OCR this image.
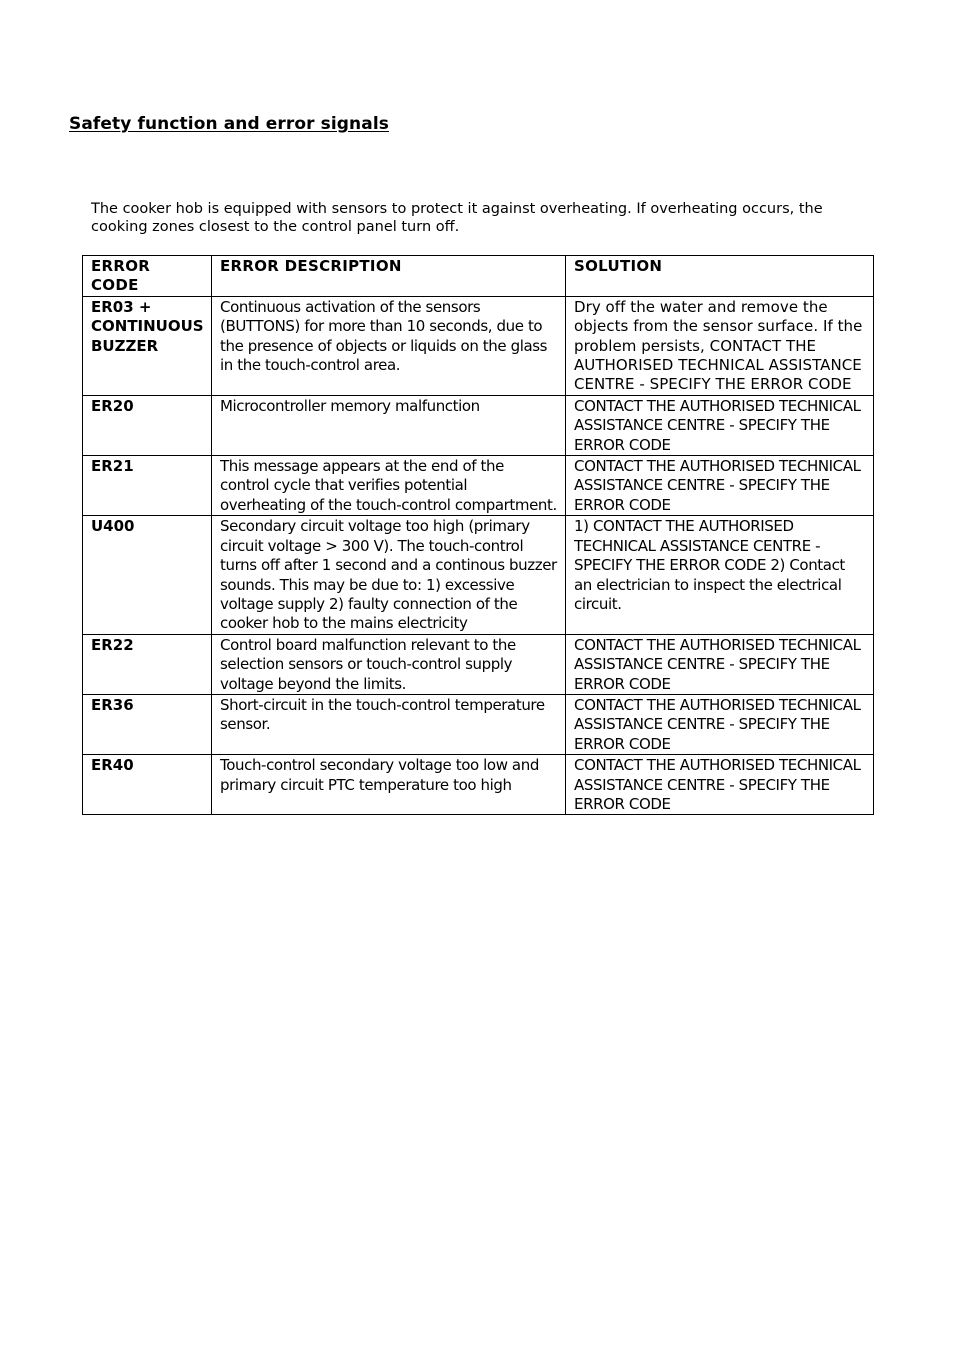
Safety function and error signals

The cooker hob is equipped with sensors to protect it against overheating. If overheating occurs, the cooking zones closest to the control panel turn off.

ERROR CODE	ERROR DESCRIPTION	SOLUTION
ER03 + CONTINUOUS BUZZER	Continuous activation of the sensors (BUTTONS) for more than 10 seconds, due to the presence of objects or liquids on the glass in the touch-control area.	Dry off the water and remove the objects from the sensor surface. If the problem persists, CONTACT THE AUTHORISED TECHNICAL ASSISTANCE CENTRE - SPECIFY THE ERROR CODE
ER20	Microcontroller memory malfunction	CONTACT THE AUTHORISED TECHNICAL ASSISTANCE CENTRE - SPECIFY THE ERROR CODE
ER21	This message appears at the end of the control cycle that verifies potential overheating of the touch-control compartment.	CONTACT THE AUTHORISED TECHNICAL ASSISTANCE CENTRE - SPECIFY THE ERROR CODE
U400	Secondary circuit voltage too high (primary circuit voltage > 300 V). The touch-control turns off after 1 second and a continous buzzer sounds. This may be due to: 1) excessive voltage supply 2) faulty connection of the cooker hob to the mains electricity	1) CONTACT THE AUTHORISED TECHNICAL ASSISTANCE CENTRE - SPECIFY THE ERROR CODE 2) Contact an electrician to inspect the electrical circuit.
ER22	Control board malfunction relevant to the selection sensors or touch-control supply voltage beyond the limits.	CONTACT THE AUTHORISED TECHNICAL ASSISTANCE CENTRE - SPECIFY THE ERROR CODE
ER36	Short-circuit in the touch-control temperature sensor.	CONTACT THE AUTHORISED TECHNICAL ASSISTANCE CENTRE - SPECIFY THE ERROR CODE
ER40	Touch-control secondary voltage too low and primary circuit PTC temperature too high	CONTACT THE AUTHORISED TECHNICAL ASSISTANCE CENTRE - SPECIFY THE ERROR CODE
